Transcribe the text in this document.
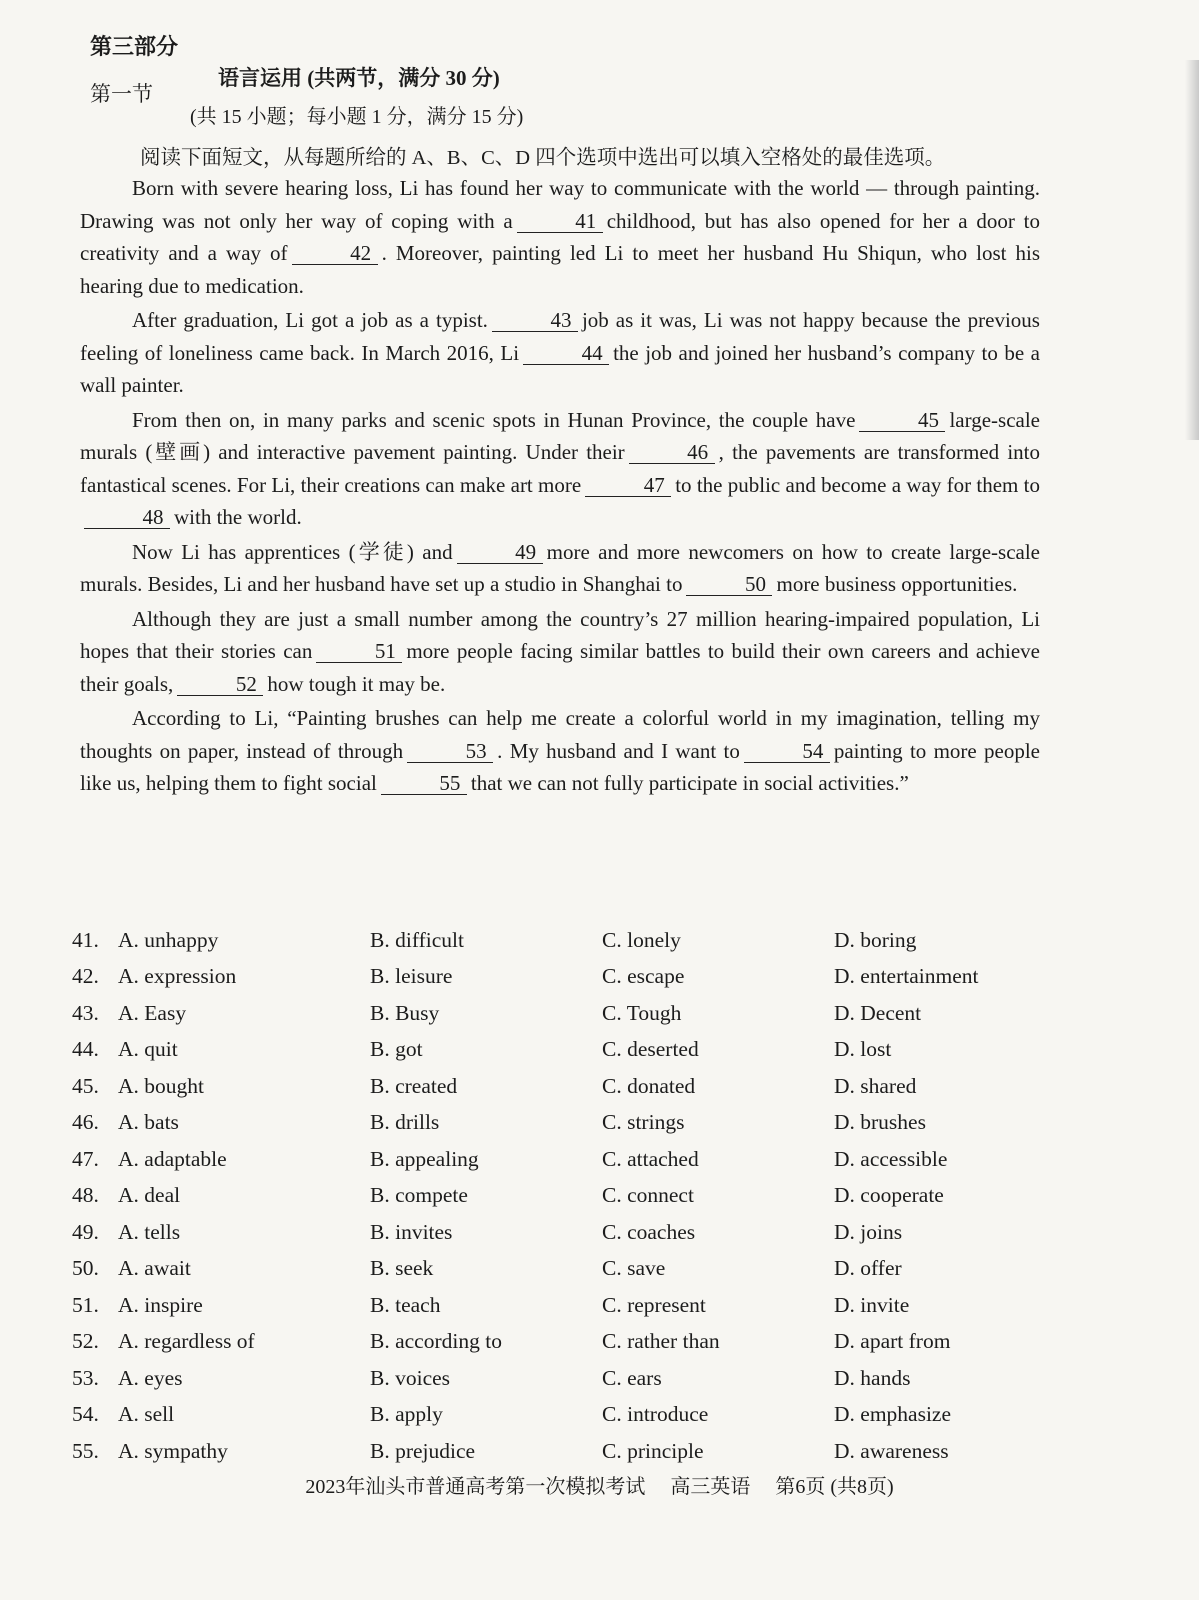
第三部分
语言运用 (共两节，满分 30 分)
第一节
(共 15 小题；每小题 1 分，满分 15 分)
阅读下面短文，从每题所给的 A、B、C、D 四个选项中选出可以填入空格处的最佳选项。

Born with severe hearing loss, Li has found her way to communicate with the world — through painting. Drawing was not only her way of coping with a	41 childhood, but has also opened for her a door to creativity and a way of	42 . Moreover, painting led Li to meet her husband Hu Shiqun, who lost his hearing due to medication.

After graduation, Li got a job as a typist.	43 job as it was, Li was not happy because the previous feeling of loneliness came back. In March 2016, Li	44 the job and joined her husband’s company to be a wall painter.

From then on, in many parks and scenic spots in Hunan Province, the couple have	45 large-scale murals (壁画) and interactive pavement painting. Under their	46 , the pavements are transformed into fantastical scenes. For Li, their creations can make art more	47 to the public and become a way for them to48 with the world.

Now Li has apprentices (学徒) and	49 more and more newcomers on how to create large-scale murals. Besides, Li and her husband have set up a studio in Shanghai to	50 more business opportunities.

Although they are just a small number among the country’s 27 million hearing-impaired population, Li hopes that their stories can	51 more people facing similar battles to build their own careers and achieve their goals,	52 how tough it may be.

According to Li, “Painting brushes can help me create a colorful world in my imagination, telling my thoughts on paper, instead of through	53 . My husband and I want to	54 painting to more people like us, helping them to fight social	55 that we can not fully participate in social activities.”

41. A. unhappy	B. difficult	C. lonely	D. boring
42. A. expression	B. leisure	C. escape	D. entertainment
43. A. Easy	B. Busy	C. Tough	D. Decent
44. A. quit	B. got	C. deserted	D. lost
45. A. bought	B. created	C. donated	D. shared
46. A. bats	B. drills	C. strings	D. brushes
47. A. adaptable	B. appealing	C. attached	D. accessible
48. A. deal	B. compete	C. connect	D. cooperate
49. A. tells	B. invites	C. coaches	D. joins
50. A. await	B. seek	C. save	D. offer
51. A. inspire	B. teach	C. represent	D. invite
52. A. regardless of	B. according to	C. rather than	D. apart from
53. A. eyes	B. voices	C. ears	D. hands
54. A. sell	B. apply	C. introduce	D. emphasize
55. A. sympathy	B. prejudice	C. principle	D. awareness
2023年汕头市普通高考第一次模拟考试 高三英语 第6页 (共8页)
